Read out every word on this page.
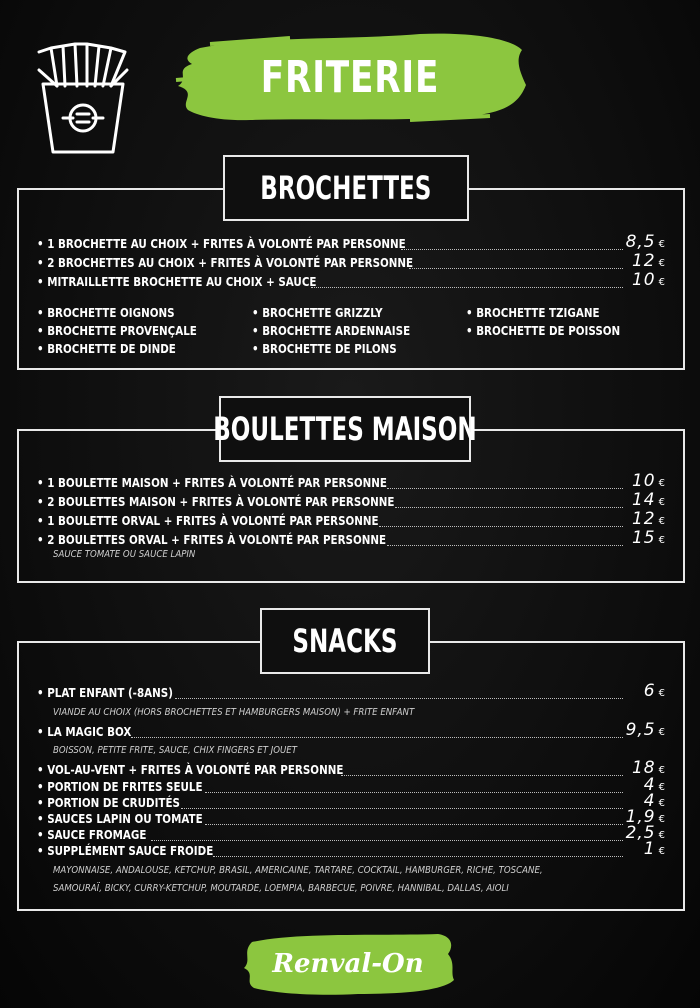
FRITERIE
• 1 BROCHETTE AU CHOIX + FRITES À VOLONTÉ PAR PERSONNE	8,5 €
• 2 BROCHETTES AU CHOIX + FRITES À VOLONTÉ PAR PERSONNE	12 €
• MITRAILLETTE BROCHETTE AU CHOIX + SAUCE	10 €
• BROCHETTE OIGNONS
• BROCHETTE PROVENÇALE
• BROCHETTE DE DINDE
• BROCHETTE GRIZZLY
• BROCHETTE ARDENNAISE
• BROCHETTE DE PILONS
• BROCHETTE TZIGANE
• BROCHETTE DE POISSON
BROCHETTES
• 1 BOULETTE MAISON + FRITES À VOLONTÉ PAR PERSONNE	10 €
• 2 BOULETTES MAISON + FRITES À VOLONTÉ PAR PERSONNE	14 €
• 1 BOULETTE ORVAL + FRITES À VOLONTÉ PAR PERSONNE	12 €
• 2 BOULETTES ORVAL + FRITES À VOLONTÉ PAR PERSONNE	15 €
SAUCE TOMATE OU SAUCE LAPIN
BOULETTES MAISON
• PLAT ENFANT (-8ANS)	6 €
VIANDE AU CHOIX (HORS BROCHETTES ET HAMBURGERS MAISON) + FRITE ENFANT
• LA MAGIC BOX	9,5 €
BOISSON, PETITE FRITE, SAUCE, CHIX FINGERS ET JOUET
• VOL-AU-VENT + FRITES À VOLONTÉ PAR PERSONNE	18 €
• PORTION DE FRITES SEULE	4 €
• PORTION DE CRUDITÉS	4 €
• SAUCES LAPIN OU TOMATE	1,9 €
• SAUCE FROMAGE	2,5 €
• SUPPLÉMENT SAUCE FROIDE	1 €
MAYONNAISE, ANDALOUSE, KETCHUP, BRASIL, AMERICAINE, TARTARE, COCKTAIL, HAMBURGER, RICHE, TOSCANE,
SAMOURAÏ, BICKY, CURRY-KETCHUP, MOUTARDE, LOEMPIA, BARBECUE, POIVRE, HANNIBAL, DALLAS, AIOLI
SNACKS
Renval-On
